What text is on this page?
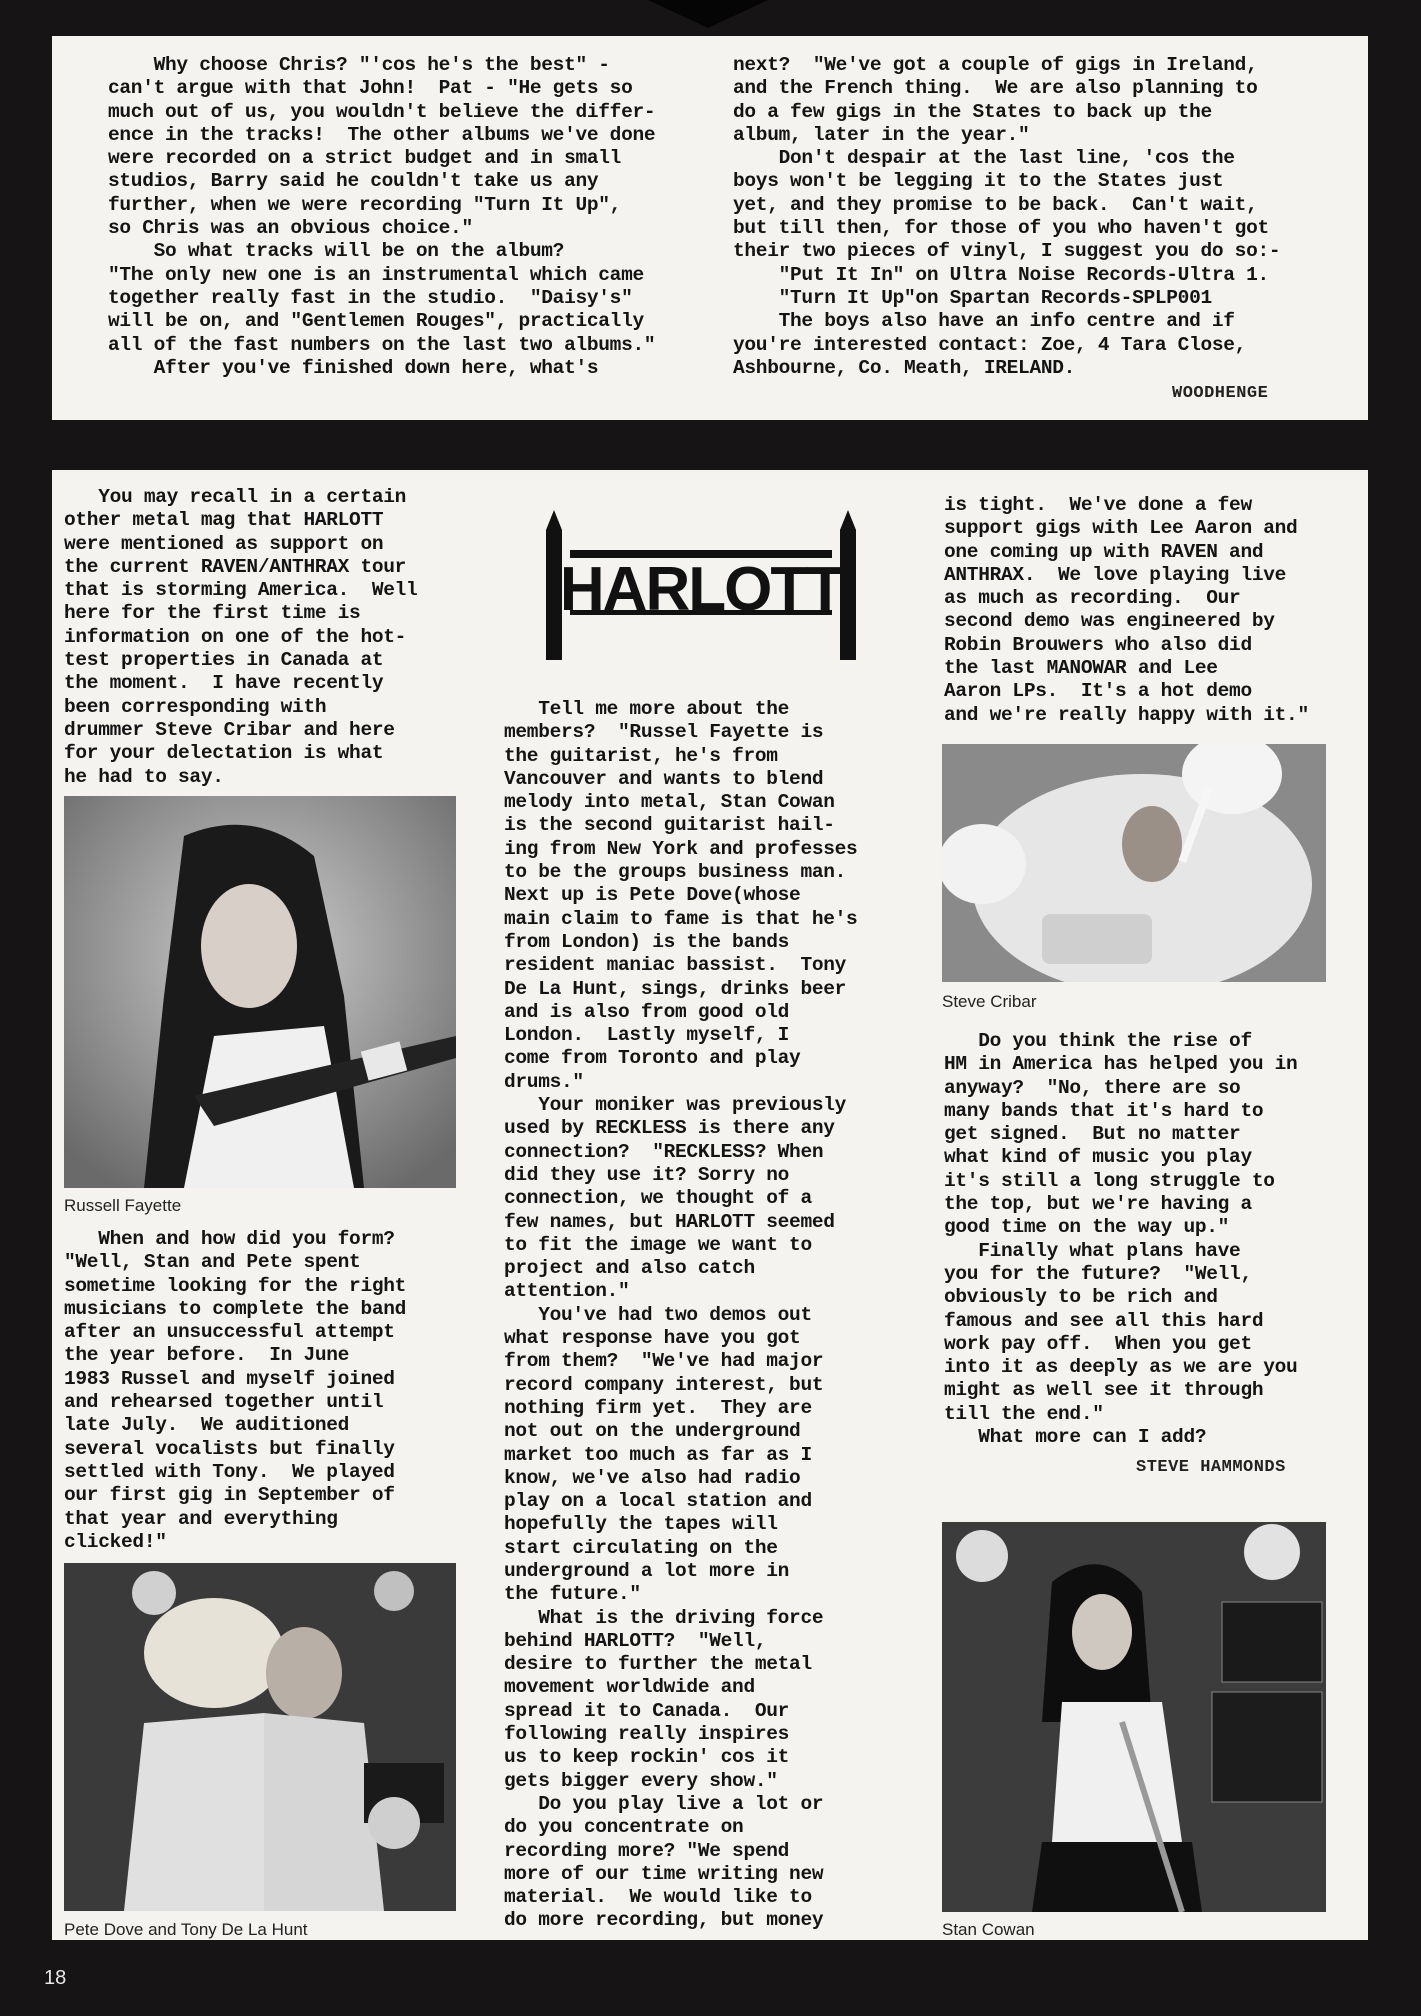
Why choose Chris? "'cos he's the best" -
can't argue with that John!  Pat - "He gets so
much out of us, you wouldn't believe the differ-
ence in the tracks!  The other albums we've done
were recorded on a strict budget and in small
studios, Barry said he couldn't take us any
further, when we were recording "Turn It Up",
so Chris was an obvious choice."
So what tracks will be on the album?
"The only new one is an instrumental which came
together really fast in the studio.  "Daisy's"
will be on, and "Gentlemen Rouges", practically
all of the fast numbers on the last two albums."
After you've finished down here, what's
next?  "We've got a couple of gigs in Ireland,
and the French thing.  We are also planning to
do a few gigs in the States to back up the
album, later in the year."
Don't despair at the last line, 'cos the
boys won't be legging it to the States just
yet, and they promise to be back.  Can't wait,
but till then, for those of you who haven't got
their two pieces of vinyl, I suggest you do so:-
"Put It In" on Ultra Noise Records-Ultra 1.
"Turn It Up"on Spartan Records-SPLP001
The boys also have an info centre and if
you're interested contact: Zoe, 4 Tara Close,
Ashbourne, Co. Meath, IRELAND.
WOODHENGE
You may recall in a certain
other metal mag that HARLOTT
were mentioned as support on
the current RAVEN/ANTHRAX tour
that is storming America.  Well
here for the first time is
information on one of the hot-
test properties in Canada at
the moment.  I have recently
been corresponding with
drummer Steve Cribar and here
for your delectation is what
he had to say.
Russell Fayette
When and how did you form?
"Well, Stan and Pete spent
sometime looking for the right
musicians to complete the band
after an unsuccessful attempt
the year before.  In June
1983 Russel and myself joined
and rehearsed together until
late July.  We auditioned
several vocalists but finally
settled with Tony.  We played
our first gig in September of
that year and everything
clicked!"
Pete Dove and Tony De La Hunt
HARLOTT
Tell me more about the
members?  "Russel Fayette is
the guitarist, he's from
Vancouver and wants to blend
melody into metal, Stan Cowan
is the second guitarist hail-
ing from New York and professes
to be the groups business man.
Next up is Pete Dove(whose
main claim to fame is that he's
from London) is the bands
resident maniac bassist.  Tony
De La Hunt, sings, drinks beer
and is also from good old
London.  Lastly myself, I
come from Toronto and play
drums."
Your moniker was previously
used by RECKLESS is there any
connection?  "RECKLESS? When
did they use it? Sorry no
connection, we thought of a
few names, but HARLOTT seemed
to fit the image we want to
project and also catch
attention."
You've had two demos out
what response have you got
from them?  "We've had major
record company interest, but
nothing firm yet.  They are
not out on the underground
market too much as far as I
know, we've also had radio
play on a local station and
hopefully the tapes will
start circulating on the
underground a lot more in
the future."
What is the driving force
behind HARLOTT?  "Well,
desire to further the metal
movement worldwide and
spread it to Canada.  Our
following really inspires
us to keep rockin' cos it
gets bigger every show."
Do you play live a lot or
do you concentrate on
recording more? "We spend
more of our time writing new
material.  We would like to
do more recording, but money
is tight.  We've done a few
support gigs with Lee Aaron and
one coming up with RAVEN and
ANTHRAX.  We love playing live
as much as recording.  Our
second demo was engineered by
Robin Brouwers who also did
the last MANOWAR and Lee
Aaron LPs.  It's a hot demo
and we're really happy with it."
Steve Cribar
Do you think the rise of
HM in America has helped you in
anyway?  "No, there are so
many bands that it's hard to
get signed.  But no matter
what kind of music you play
it's still a long struggle to
the top, but we're having a
good time on the way up."
Finally what plans have
you for the future?  "Well,
obviously to be rich and
famous and see all this hard
work pay off.  When you get
into it as deeply as we are you
might as well see it through
till the end."
What more can I add?
STEVE HAMMONDS
Stan Cowan
18
